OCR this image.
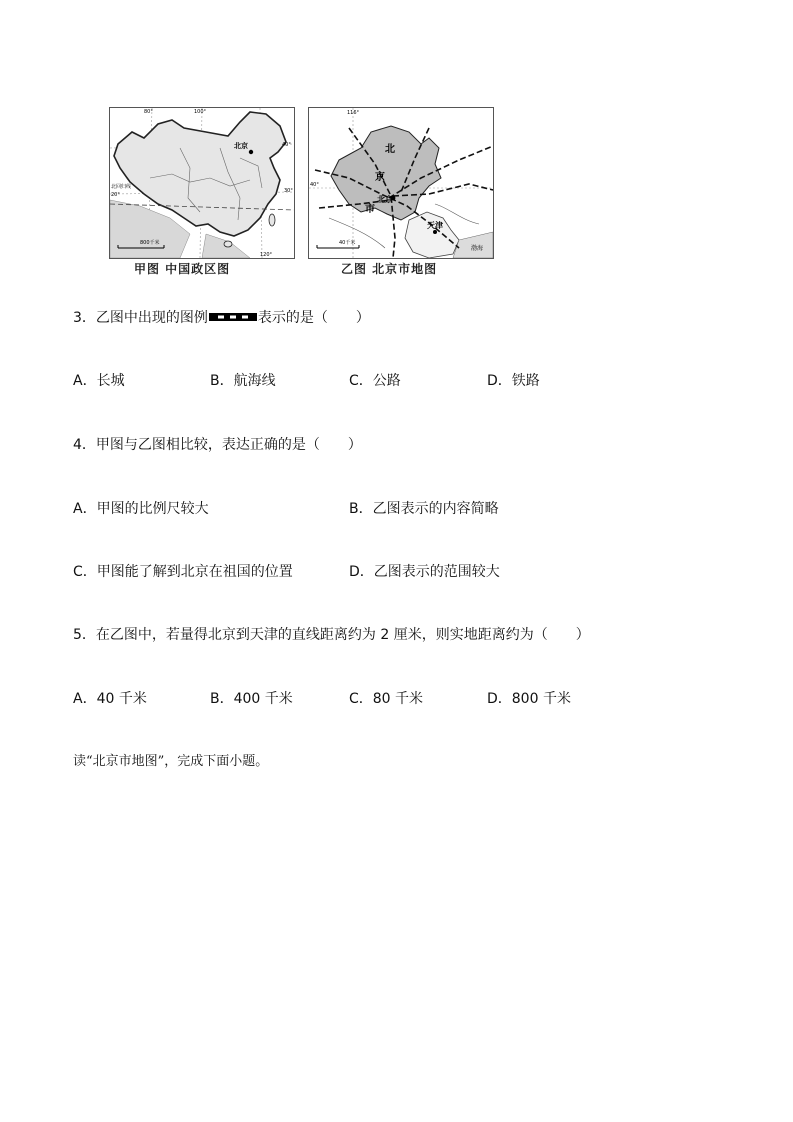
800千米
北京
80°	100°
120°
40°
30°
20°
北回归线
甲图 中国政区图
40千米
北
京
市
北京
天津
渤海
116°
40°
乙图 北京市地图
3．乙图中出现的图例	表示的是（　　）
A．长城	B．航海线	C．公路	D．铁路
4．甲图与乙图相比较，表达正确的是（　　）
A．甲图的比例尺较大	B．乙图表示的内容简略
C．甲图能了解到北京在祖国的位置	D．乙图表示的范围较大
5．在乙图中，若量得北京到天津的直线距离约为 2 厘米，则实地距离约为（　　）
A．40 千米	B．400 千米	C．80 千米	D．800 千米
读“北京市地图”，完成下面小题。
